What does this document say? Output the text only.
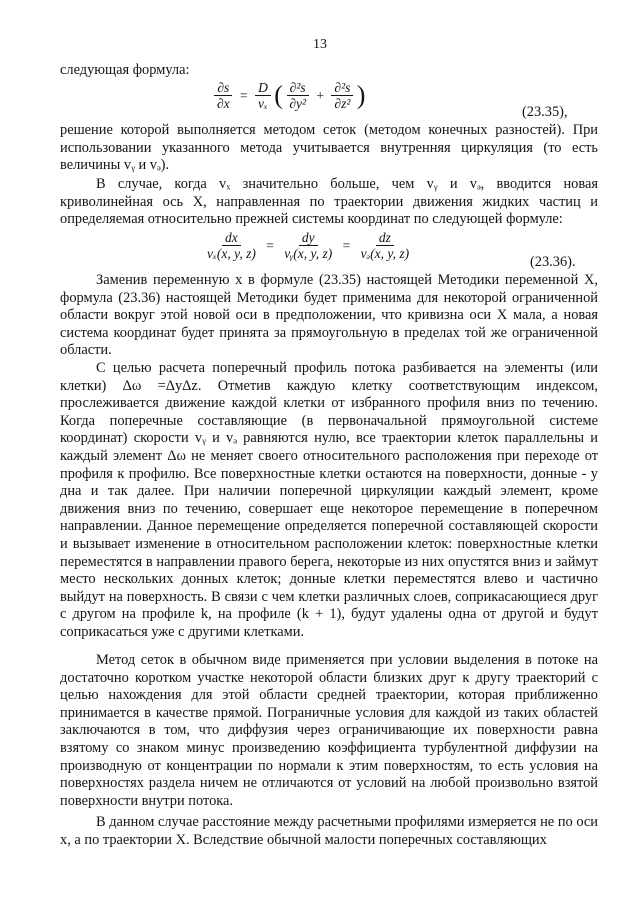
13
следующая формула:
$\frac{\partial s}{\partial x} = \frac{D}{\text{vₓ}}$ ( $\frac{\text{∂²s}}{\text{∂y²}} + \frac{\text{∂²s}}{\text{∂z²}}$ )
(23.35),

решение которой выполняется методом сеток (методом конечных разностей). При использовании указанного метода учитывается внутренняя циркуляция (то есть величины vᵧ и vₔ).

В случае, когда vₓ значительно больше, чем vᵧ и vₔ, вводится новая криволинейная ось X, направленная по траектории движения жидких частиц и определяемая относительно прежней системы координат по следующей формуле:

$\frac{dx}{\text{vₓ(x, y, z)}} = \frac{dy}{\text{vᵧ(x, y, z)}} = \frac{dz}{\text{vₔ(x, y, z)}}$
(23.36).

Заменив переменную x в формуле (23.35) настоящей Методики переменной X, формула (23.36) настоящей Методики будет применима для некоторой ограниченной области вокруг этой новой оси в предположении, что кривизна оси X мала, а новая система координат будет принята за прямоугольную в пределах той же ограниченной области.

С целью расчета поперечный профиль потока разбивается на элементы (или клетки) Δω =ΔyΔz. Отметив каждую клетку соответствующим индексом, прослеживается движение каждой клетки от избранного профиля вниз по течению. Когда поперечные составляющие (в первоначальной прямоугольной системе координат) скорости vᵧ и vₔ равняются нулю, все траектории клеток параллельны и каждый элемент Δω не меняет своего относительного расположения при переходе от профиля к профилю. Все поверхностные клетки остаются на поверхности, донные - у дна и так далее. При наличии поперечной циркуляции каждый элемент, кроме движения вниз по течению, совершает еще некоторое перемещение в поперечном направлении. Данное перемещение определяется поперечной составляющей скорости и вызывает изменение в относительном расположении клеток: поверхностные клетки переместятся в направлении правого берега, некоторые из них опустятся вниз и займут место нескольких донных клеток; донные клетки переместятся влево и частично выйдут на поверхность. В связи с чем клетки различных слоев, соприкасающиеся друг с другом на профиле k, на профиле (k + 1), будут удалены одна от другой и будут соприкасаться уже с другими клетками.

Метод сеток в обычном виде применяется при условии выделения в потоке на достаточно коротком участке некоторой области близких друг к другу траекторий с целью нахождения для этой области средней траектории, которая приближенно принимается в качестве прямой. Пограничные условия для каждой из таких областей заключаются в том, что диффузия через ограничивающие их поверхности равна взятому со знаком минус произведению коэффициента турбулентной диффузии на производную от концентрации по нормали к этим поверхностям, то есть условия на поверхностях раздела ничем не отличаются от условий на любой произвольно взятой поверхности внутри потока.

В данном случае расстояние между расчетными профилями измеряется не по оси x, а по траектории X. Вследствие обычной малости поперечных составляющих
